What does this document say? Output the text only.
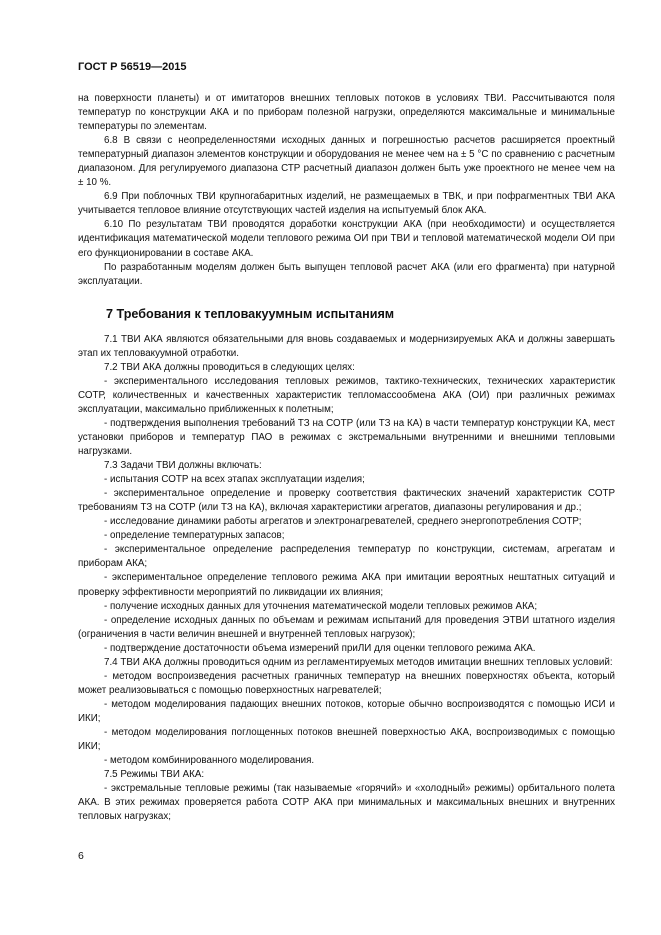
ГОСТ Р 56519—2015

на поверхности планеты) и от имитаторов внешних тепловых потоков в условиях ТВИ. Рассчитываются поля температур по конструкции АКА и по приборам полезной нагрузки, определяются максимальные и минимальные температуры по элементам.

6.8 В связи с неопределенностями исходных данных и погрешностью расчетов расширяется проектный температурный диапазон элементов конструкции и оборудования не менее чем на ± 5 °С по сравнению с расчетным диапазоном. Для регулируемого диапазона СТР расчетный диапазон должен быть уже проектного не менее чем на ± 10 %.

6.9 При поблочных ТВИ крупногабаритных изделий, не размещаемых в ТВК, и при пофрагментных ТВИ АКА учитывается тепловое влияние отсутствующих частей изделия на испытуемый блок АКА.

6.10 По результатам ТВИ проводятся доработки конструкции АКА (при необходимости) и осуществляется идентификация математической модели теплового режима ОИ при ТВИ и тепловой математической модели ОИ при его функционировании в составе АКА.

По разработанным моделям должен быть выпущен тепловой расчет АКА (или его фрагмента) при натурной эксплуатации.

7 Требования к тепловакуумным испытаниям

7.1 ТВИ АКА являются обязательными для вновь создаваемых и модернизируемых АКА и должны завершать этап их тепловакуумной отработки.

7.2 ТВИ АКА должны проводиться в следующих целях:

- экспериментального исследования тепловых режимов, тактико-технических, технических характеристик СОТР, количественных и качественных характеристик тепломассообмена АКА (ОИ) при различных режимах эксплуатации, максимально приближенных к полетным;

- подтверждения выполнения требований ТЗ на СОТР (или ТЗ на КА) в части температур конструкции КА, мест установки приборов и температур ПАО в режимах с экстремальными внутренними и внешними тепловыми нагрузками.

7.3 Задачи ТВИ должны включать:

- испытания СОТР на всех этапах эксплуатации изделия;

- экспериментальное определение и проверку соответствия фактических значений характеристик СОТР требованиям ТЗ на СОТР (или ТЗ на КА), включая характеристики агрегатов, диапазоны регулирования и др.;

- исследование динамики работы агрегатов и электронагревателей, среднего энергопотребления СОТР;

- определение температурных запасов;

- экспериментальное определение распределения температур по конструкции, системам, агрегатам и приборам АКА;

- экспериментальное определение теплового режима АКА при имитации вероятных нештатных ситуаций и проверку эффективности мероприятий по ликвидации их влияния;

- получение исходных данных для уточнения математической модели тепловых режимов АКА;

- определение исходных данных по объемам и режимам испытаний для проведения ЭТВИ штатного изделия (ограничения в части величин внешней и внутренней тепловых нагрузок);

- подтверждение достаточности объема измерений приЛИ для оценки теплового режима АКА.

7.4 ТВИ АКА должны проводиться одним из регламентируемых методов имитации внешних тепловых условий:

- методом воспроизведения расчетных граничных температур на внешних поверхностях объекта, который может реализовываться с помощью поверхностных нагревателей;

- методом моделирования падающих внешних потоков, которые обычно воспроизводятся с помощью ИСИ и ИКИ;

- методом моделирования поглощенных потоков внешней поверхностью АКА, воспроизводимых с помощью ИКИ;

- методом комбинированного моделирования.

7.5 Режимы ТВИ АКА:

- экстремальные тепловые режимы (так называемые «горячий» и «холодный» режимы) орбитального полета АКА. В этих режимах проверяется работа СОТР АКА при минимальных и максимальных внешних и внутренних тепловых нагрузках;

6
